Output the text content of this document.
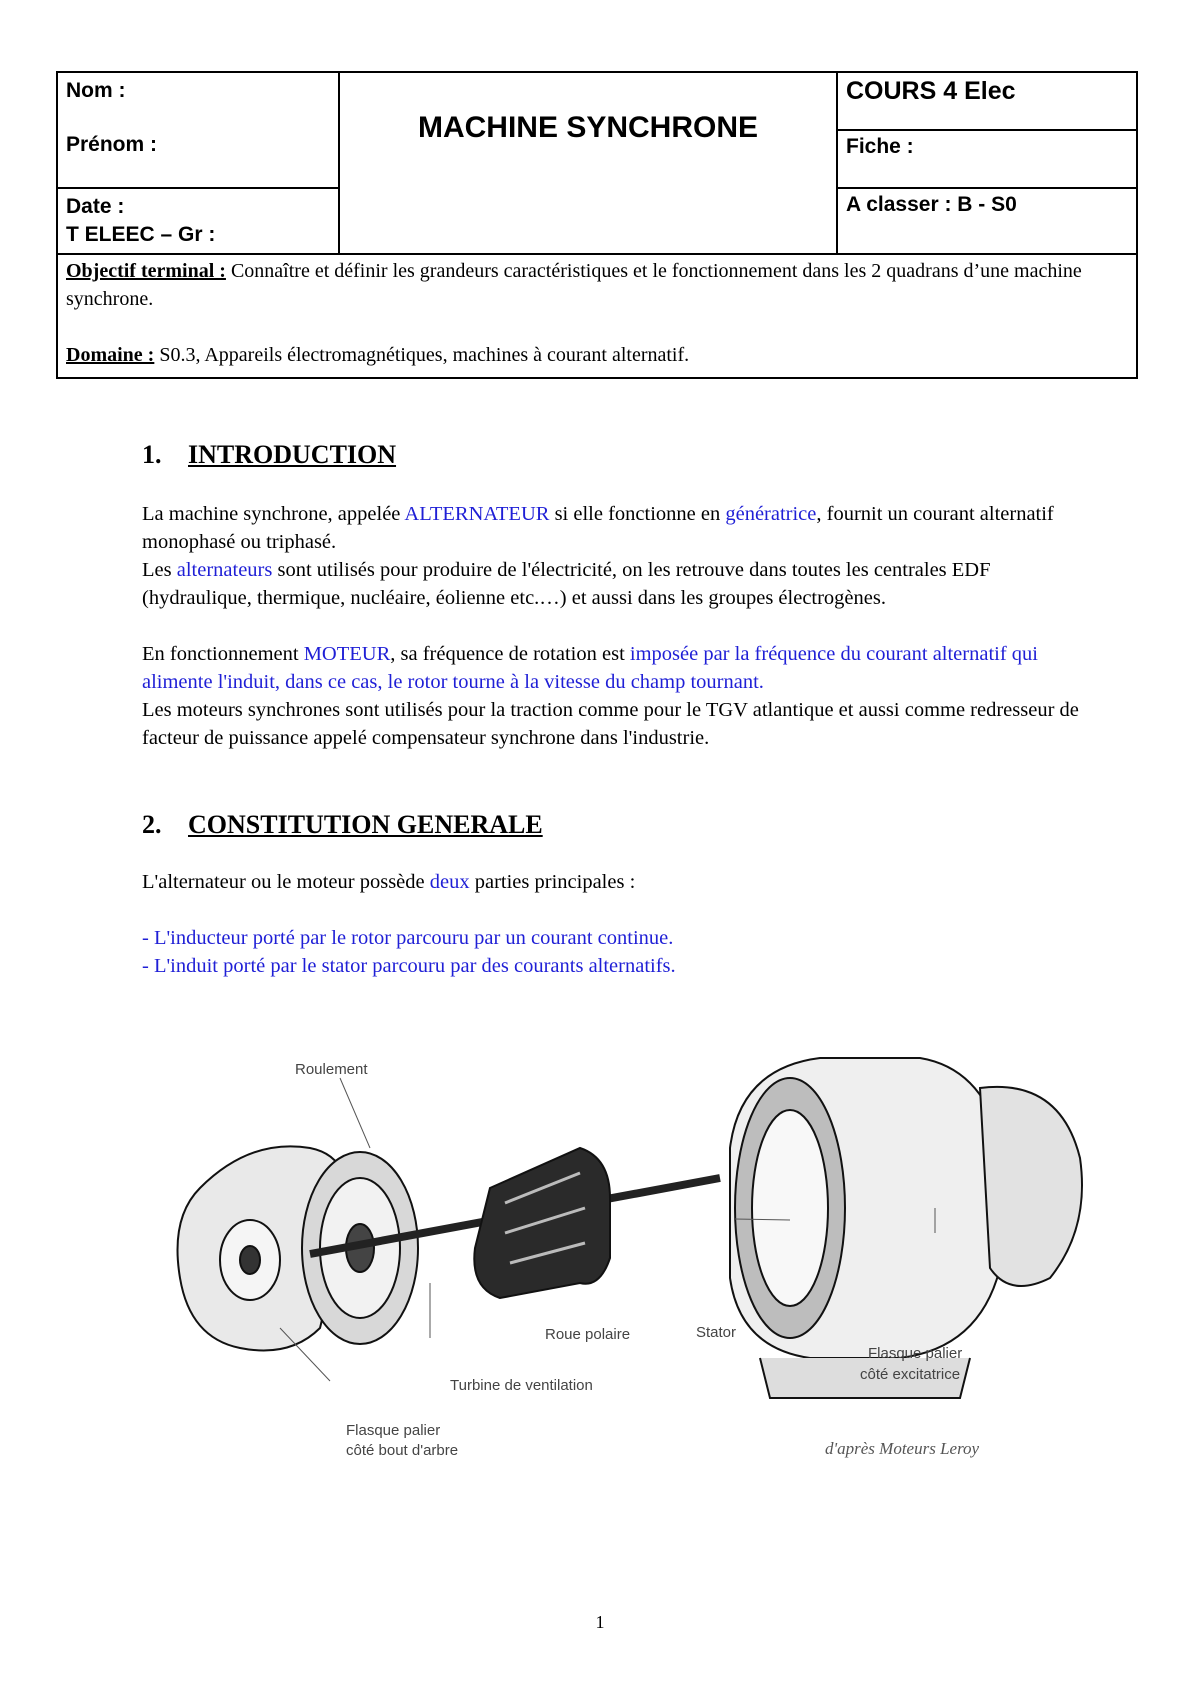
Nom :
Prénom :	MACHINE SYNCHRONE	COURS 4 Elec
		Fiche :

Date :
T ELEEC – Gr :		A classer : B - S0

Objectif terminal : Connaître et définir les grandeurs caractéristiques et le fonctionnement dans les 2 quadrans d’une machine synchrone.
Domaine : S0.3, Appareils électromagnétiques, machines à courant alternatif.		
1. INTRODUCTION

La machine synchrone, appelée ALTERNATEUR si elle fonctionne en génératrice, fournit un courant alternatif monophasé ou triphasé.

Les alternateurs sont utilisés pour produire de l'électricité, on les retrouve dans toutes les centrales EDF (hydraulique, thermique, nucléaire, éolienne etc.…) et aussi dans les groupes électrogènes.

En fonctionnement MOTEUR, sa fréquence de rotation est imposée par la fréquence du courant alternatif qui alimente l'induit, dans ce cas, le rotor tourne à la vitesse du champ tournant.

Les moteurs synchrones sont utilisés pour la traction comme pour le TGV atlantique et aussi comme redresseur de facteur de puissance appelé compensateur synchrone dans l'industrie.

2. CONSTITUTION GENERALE

L'alternateur ou le moteur possède deux parties principales :

- L'inducteur porté par le rotor parcouru par un courant continue.

- L'induit porté par le stator parcouru par des courants alternatifs.

Roulement
Roue polaire	Stator
Flasque palier
côté excitatrice
Turbine de ventilation
Flasque palier
côté bout d'arbre	d'après Moteurs Leroy
1
